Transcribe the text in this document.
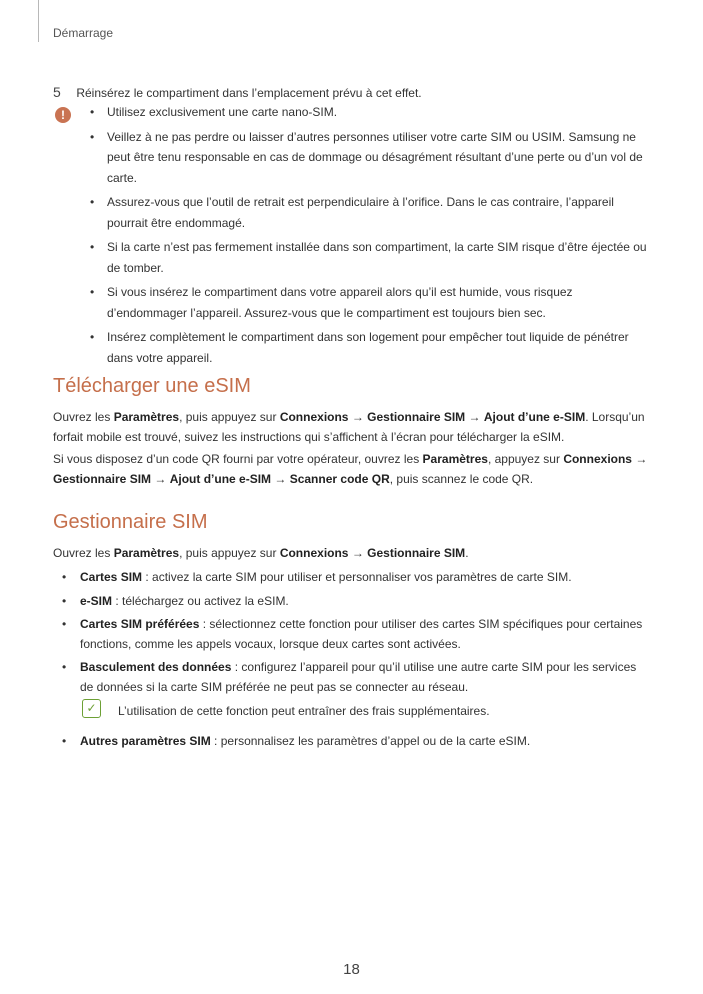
Démarrage
5 Réinsérez le compartiment dans l’emplacement prévu à cet effet.
!
•	Utilisez exclusivement une carte nano-SIM.
• Veillez à ne pas perdre ou laisser d’autres personnes utiliser votre carte SIM ou USIM. Samsung ne peut être tenu responsable en cas de dommage ou désagrément résultant d’une perte ou d’un vol de carte.
• Assurez-vous que l’outil de retrait est perpendiculaire à l’orifice. Dans le cas contraire, l’appareil pourrait être endommagé.
• Si la carte n’est pas fermement installée dans son compartiment, la carte SIM risque d’être éjectée ou de tomber.
• Si vous insérez le compartiment dans votre appareil alors qu’il est humide, vous risquez d’endommager l’appareil. Assurez-vous que le compartiment est toujours bien sec.
• Insérez complètement le compartiment dans son logement pour empêcher tout liquide de pénétrer dans votre appareil.
Télécharger une eSIM

Ouvrez les Paramètres, puis appuyez sur Connexions → Gestionnaire SIM → Ajout d’une e-SIM. Lorsqu’un forfait mobile est trouvé, suivez les instructions qui s’affichent à l’écran pour télécharger la eSIM.

Si vous disposez d’un code QR fourni par votre opérateur, ouvrez les Paramètres, appuyez sur Connexions → Gestionnaire SIM → Ajout d’une e-SIM → Scanner code QR, puis scannez le code QR.

Gestionnaire SIM

Ouvrez les Paramètres, puis appuyez sur Connexions → Gestionnaire SIM.

• Cartes SIM : activez la carte SIM pour utiliser et personnaliser vos paramètres de carte SIM.
• e-SIM : téléchargez ou activez la eSIM.
• Cartes SIM préférées : sélectionnez cette fonction pour utiliser des cartes SIM spécifiques pour certaines fonctions, comme les appels vocaux, lorsque deux cartes sont activées.
• Basculement des données : configurez l’appareil pour qu’il utilise une autre carte SIM pour les services de données si la carte SIM préférée ne peut pas se connecter au réseau.
✓	L’utilisation de cette fonction peut entraîner des frais supplémentaires.
• Autres paramètres SIM : personnalisez les paramètres d’appel ou de la carte eSIM.
18
